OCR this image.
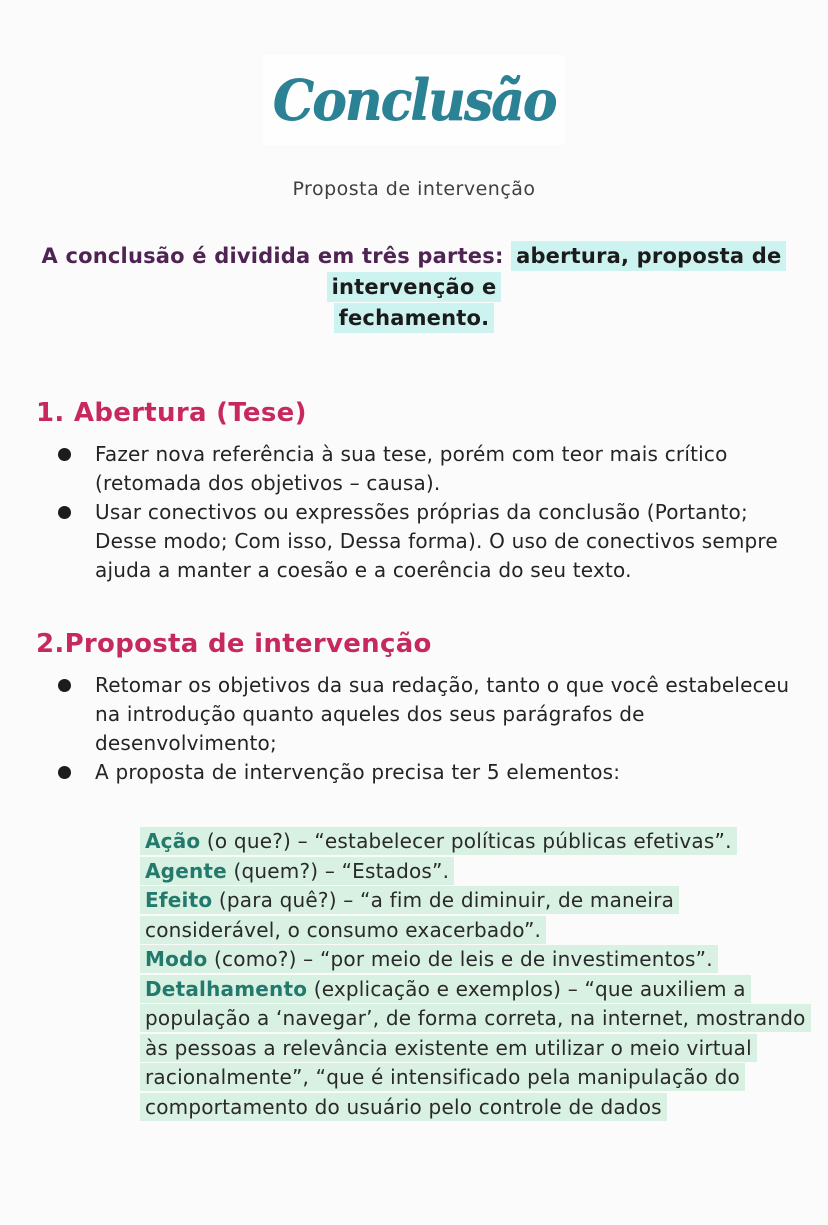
Conclusão
Proposta de intervenção
A conclusão é dividida em três partes: abertura, proposta de intervenção e
fechamento.
1. Abertura (Tese)
Fazer nova referência à sua tese, porém com teor mais crítico (retomada dos objetivos – causa).
Usar conectivos ou expressões próprias da conclusão (Portanto; Desse modo; Com isso, Dessa forma). O uso de conectivos sempre ajuda a manter a coesão e a coerência do seu texto.
2.Proposta de intervenção
Retomar os objetivos da sua redação, tanto o que você estabeleceu na introdução quanto aqueles dos seus parágrafos de desenvolvimento;
A proposta de intervenção precisa ter 5 elementos:

Ação (o que?) – “estabelecer políticas públicas efetivas”.

Agente (quem?) – “Estados”.

Efeito (para quê?) – “a fim de diminuir, de maneira considerável, o consumo exacerbado”.

Modo (como?) – “por meio de leis e de investimentos”.

Detalhamento (explicação e exemplos) – “que auxiliem a população a ‘navegar’, de forma correta, na internet, mostrando às pessoas a relevância existente em utilizar o meio virtual racionalmente”, “que é intensificado pela manipulação do comportamento do usuário pelo controle de dados
